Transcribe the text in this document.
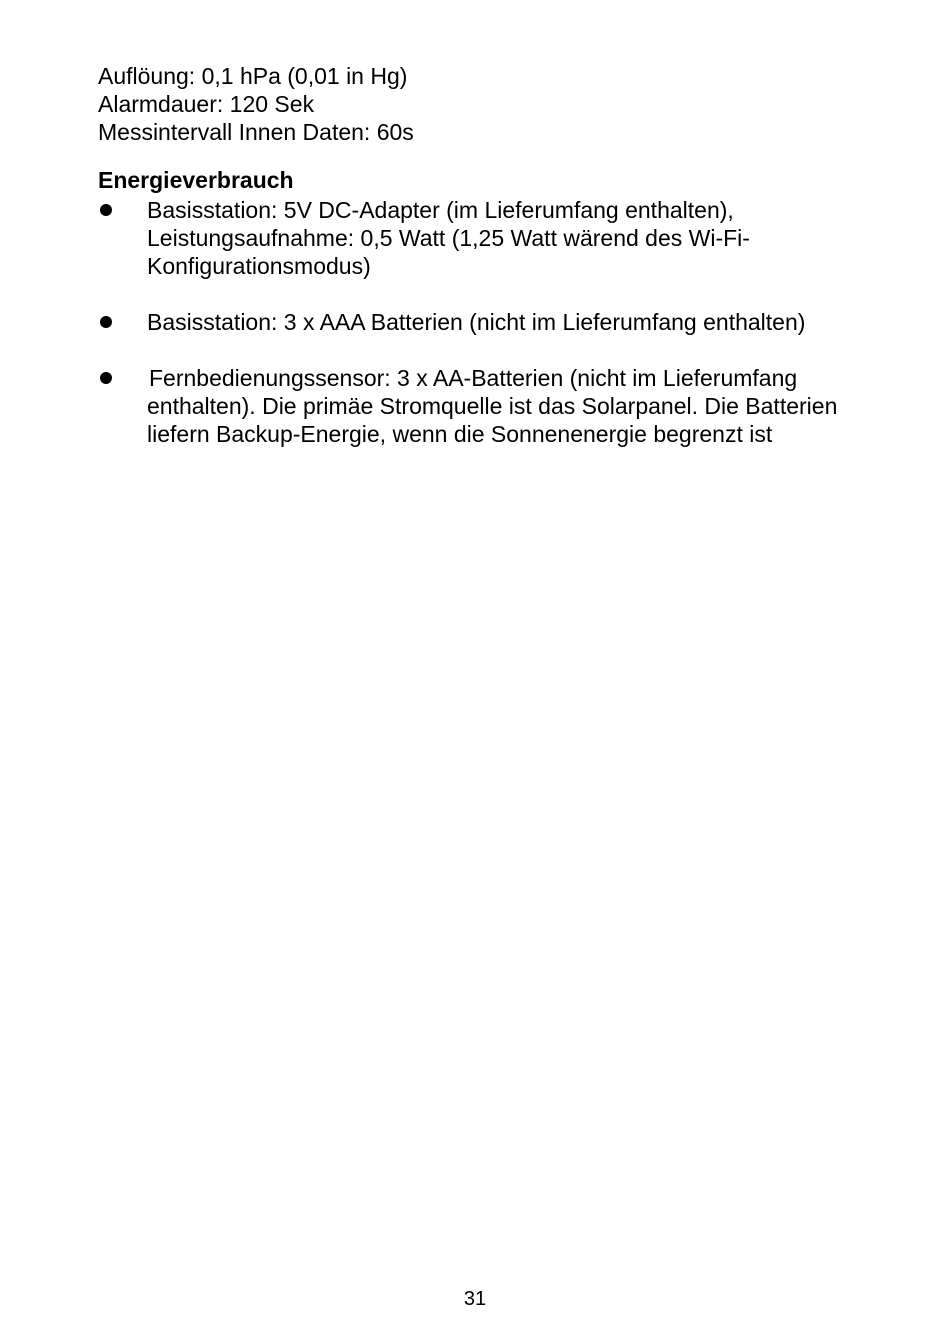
Auflöung: 0,1 hPa (0,01 in Hg)

Alarmdauer: 120 Sek

Messintervall Innen Daten: 60s

Energieverbrauch
Basisstation: 5V DC-Adapter (im Lieferumfang enthalten), Leistungsaufnahme: 0,5 Watt (1,25 Watt wärend des Wi-Fi-Konfigurationsmodus)
Basisstation: 3 x AAA Batterien (nicht im Lieferumfang enthalten)
Fernbedienungssensor: 3 x AA-Batterien (nicht im Lieferumfang enthalten). Die primäe Stromquelle ist das Solarpanel. Die Batterien liefern Backup-Energie, wenn die Sonnenenergie begrenzt ist
31
